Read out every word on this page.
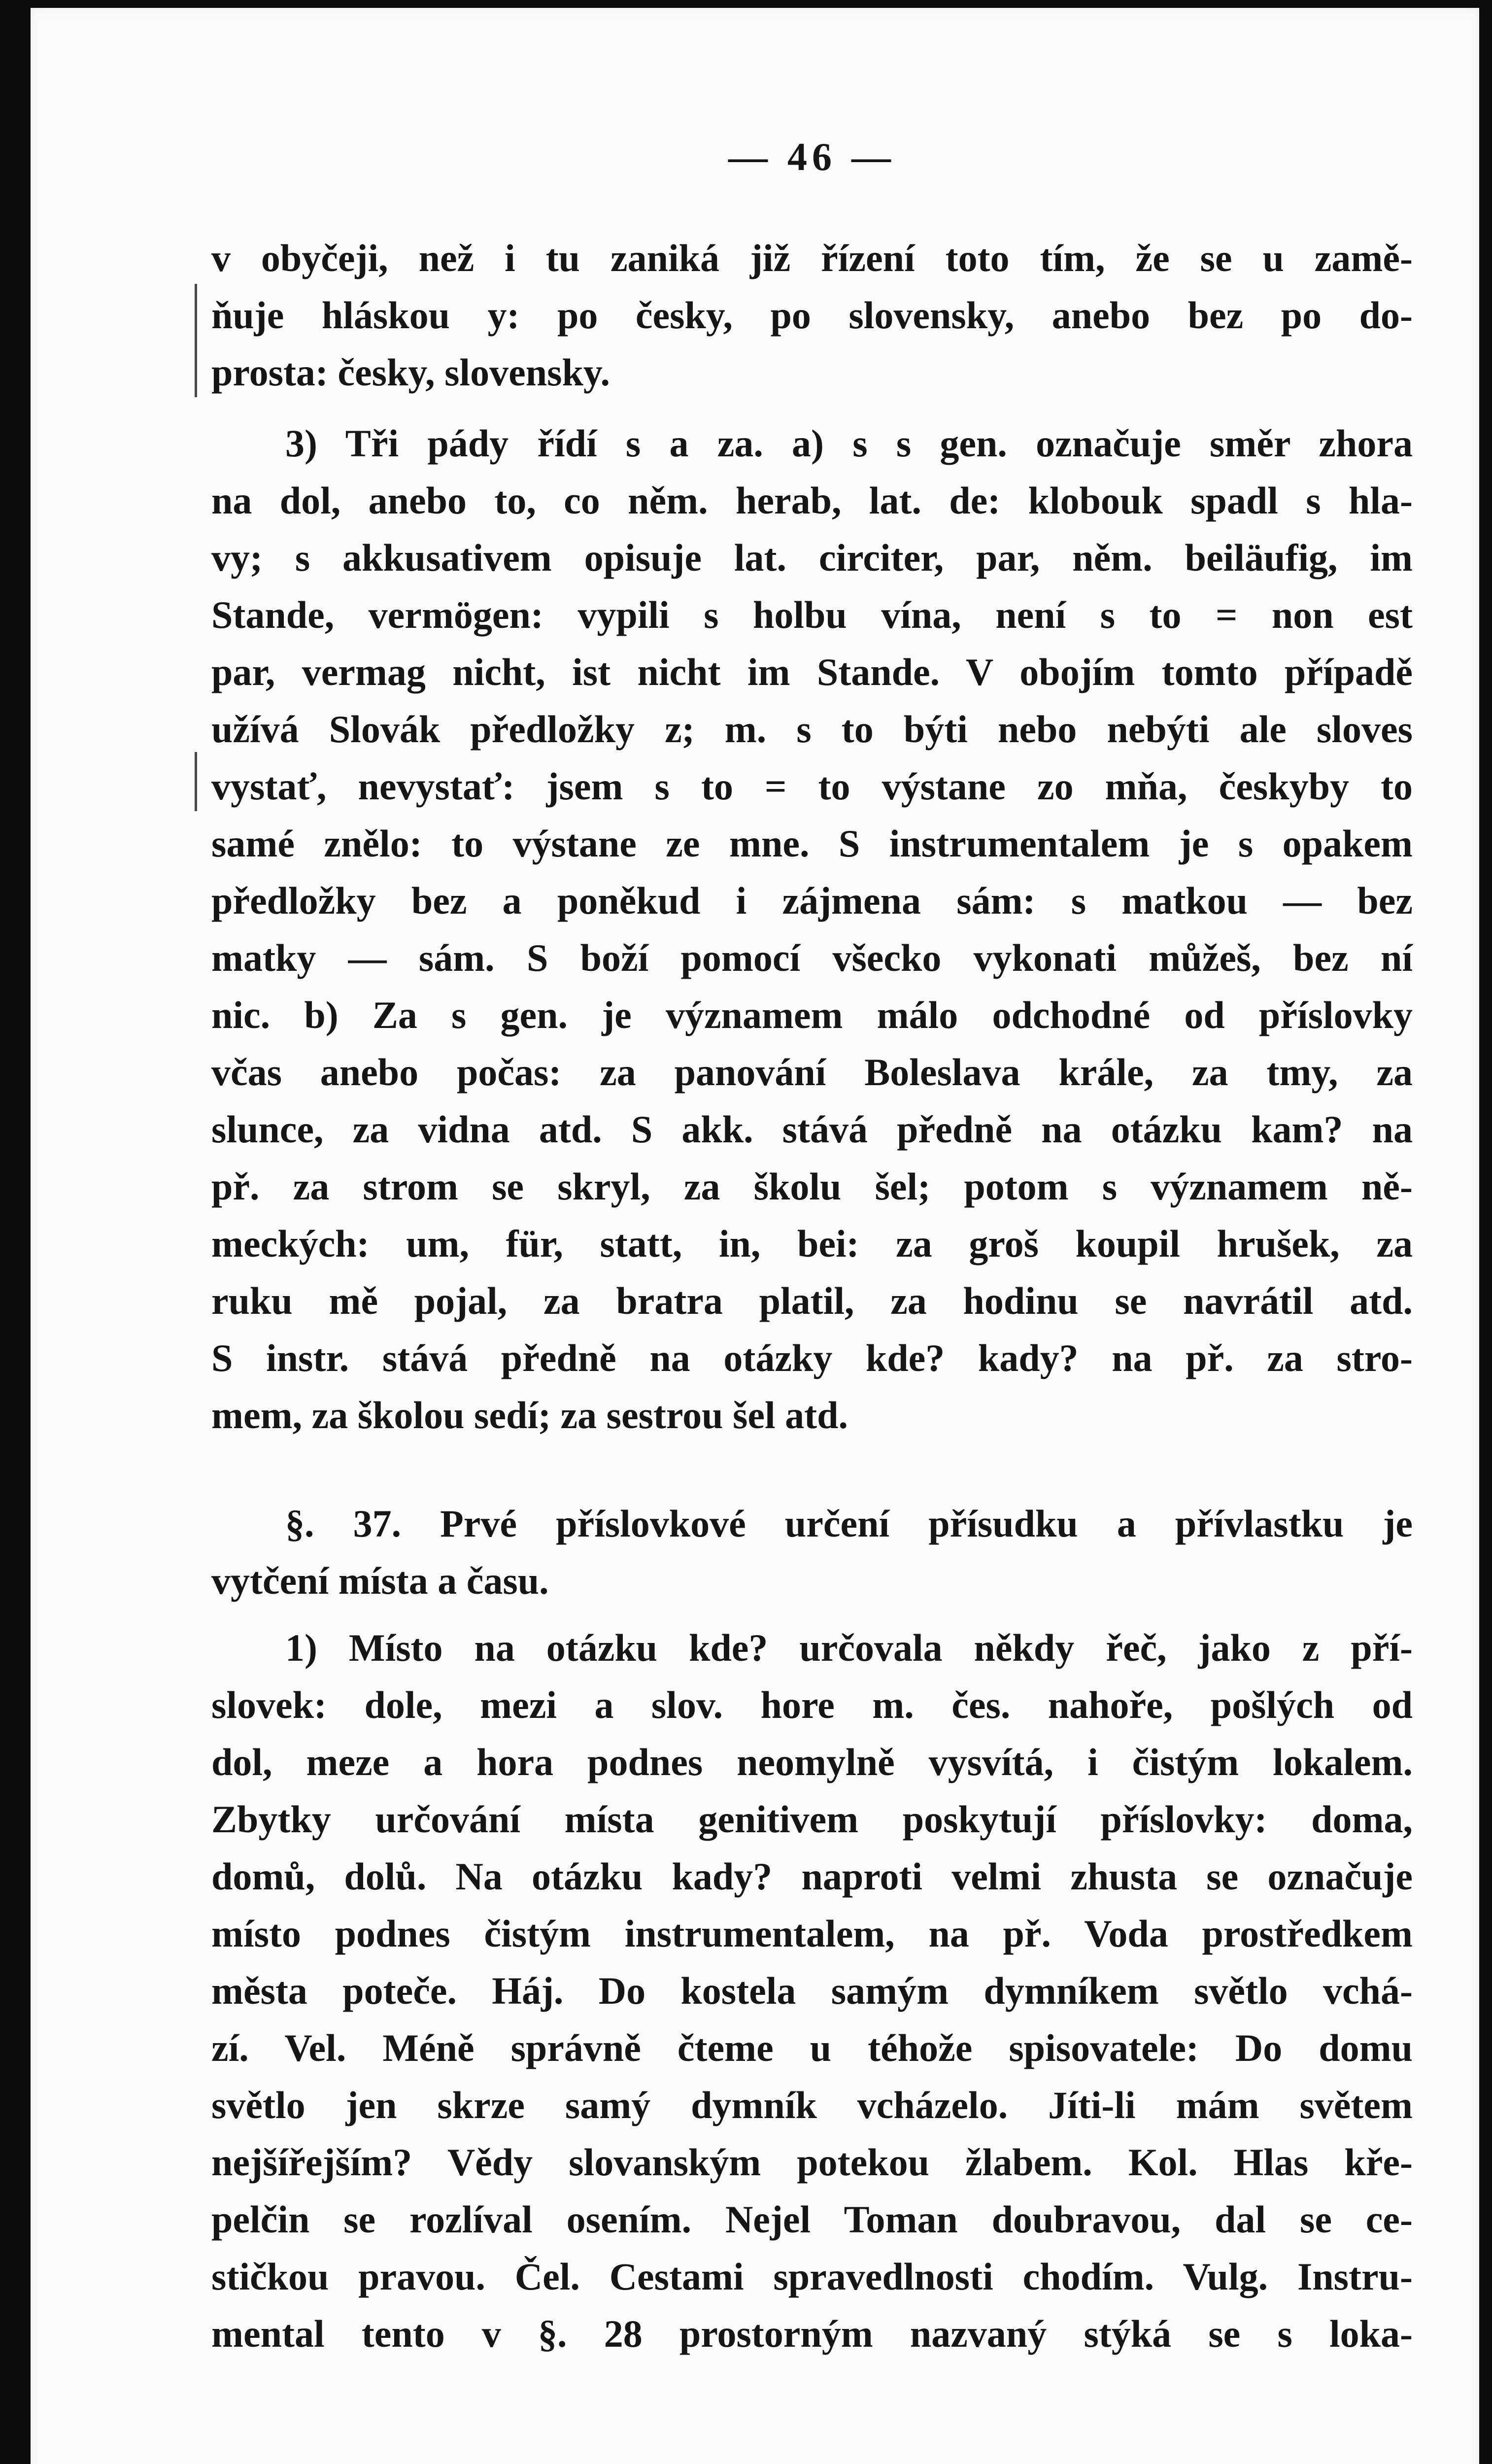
— 46 —
v obyčeji, než i tu zaniká již řízení toto tím, že se u zamě-
ňuje hláskou y: po česky, po slovensky, anebo bez po do-
prosta: česky, slovensky.
3) Tři pády řídí s a za. a) s s gen. označuje směr zhora
na dol, anebo to, co něm. herab, lat. de: klobouk spadl s hla-
vy; s akkusativem opisuje lat. circiter, par, něm. beiläufig, im
Stande, vermögen: vypili s holbu vína, není s to = non est
par, vermag nicht, ist nicht im Stande. V obojím tomto případě
užívá Slovák předložky z; m. s to býti nebo nebýti ale sloves
vystať, nevystať: jsem s to = to výstane zo mňa, českyby to
samé znělo: to výstane ze mne. S instrumentalem je s opakem
předložky bez a poněkud i zájmena sám: s matkou — bez
matky — sám. S boží pomocí všecko vykonati můžeš, bez ní
nic. b) Za s gen. je významem málo odchodné od příslovky
včas anebo počas: za panování Boleslava krále, za tmy, za
slunce, za vidna atd. S akk. stává předně na otázku kam? na
př. za strom se skryl, za školu šel; potom s významem ně-
meckých: um, für, statt, in, bei: za groš koupil hrušek, za
ruku mě pojal, za bratra platil, za hodinu se navrátil atd.
S instr. stává předně na otázky kde? kady? na př. za stro-
mem, za školou sedí; za sestrou šel atd.
§. 37. Prvé příslovkové určení přísudku a přívlastku je
vytčení místa a času.
1) Místo na otázku kde? určovala někdy řeč, jako z pří-
slovek: dole, mezi a slov. hore m. čes. nahoře, pošlých od
dol, meze a hora podnes neomylně vysvítá, i čistým lokalem.
Zbytky určování místa genitivem poskytují příslovky: doma,
domů, dolů. Na otázku kady? naproti velmi zhusta se označuje
místo podnes čistým instrumentalem, na př. Voda prostředkem
města poteče. Háj. Do kostela samým dymníkem světlo vchá-
zí. Vel. Méně správně čteme u téhože spisovatele: Do domu
světlo jen skrze samý dymník vcházelo. Jíti-li mám světem
nejšířejším? Vědy slovanským potekou žlabem. Kol. Hlas křе-
pelčin se rozlíval osením. Nejel Toman doubravou, dal se ce-
stičkou pravou. Čel. Cestami spravedlnosti chodím. Vulg. Instru-
mental tento v §. 28 prostorným nazvaný stýká se s loka-
